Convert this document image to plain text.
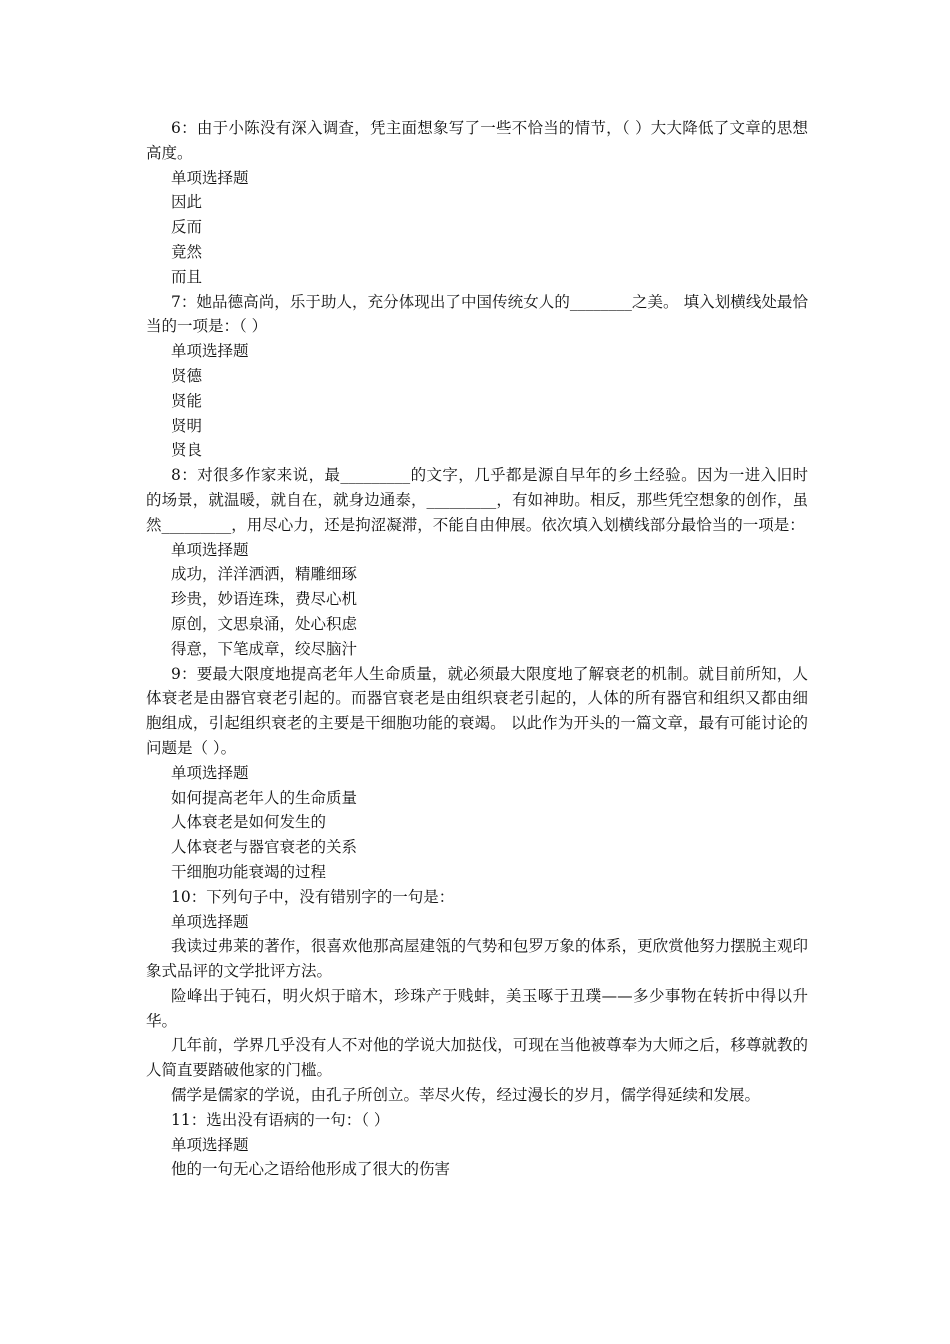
6：由于小陈没有深入调查，凭主面想象写了一些不恰当的情节，（ ）大大降低了文章的思想高度。
单项选择题
因此
反而
竟然
而且
7：她品德高尚，乐于助人，充分体现出了中国传统女人的________之美。 填入划横线处最恰当的一项是：（ ）
单项选择题
贤德
贤能
贤明
贤良
8：对很多作家来说，最_________的文字，几乎都是源自早年的乡土经验。因为一进入旧时的场景，就温暖，就自在，就身边通泰，_________，有如神助。相反，那些凭空想象的创作，虽然_________，用尽心力，还是拘涩凝滞，不能自由伸展。依次填入划横线部分最恰当的一项是：
单项选择题
成功，洋洋洒洒，精雕细琢
珍贵，妙语连珠，费尽心机
原创，文思泉涌，处心积虑
得意，下笔成章，绞尽脑汁
9：要最大限度地提高老年人生命质量，就必须最大限度地了解衰老的机制。就目前所知，人体衰老是由器官衰老引起的。而器官衰老是由组织衰老引起的，人体的所有器官和组织又都由细胞组成，引起组织衰老的主要是干细胞功能的衰竭。 以此作为开头的一篇文章，最有可能讨论的问题是（ ）。
单项选择题
如何提高老年人的生命质量
人体衰老是如何发生的
人体衰老与器官衰老的关系
干细胞功能衰竭的过程
10：下列句子中，没有错别字的一句是：
单项选择题
我读过弗莱的著作，很喜欢他那高屋建瓴的气势和包罗万象的体系，更欣赏他努力摆脱主观印象式品评的文学批评方法。
险峰出于钝石，明火炽于暗木，珍珠产于贱蚌，美玉啄于丑璞——多少事物在转折中得以升华。
几年前，学界几乎没有人不对他的学说大加挞伐，可现在当他被尊奉为大师之后，移尊就教的人简直要踏破他家的门槛。
儒学是儒家的学说，由孔子所创立。莘尽火传，经过漫长的岁月，儒学得延续和发展。
11：选出没有语病的一句：（ ）
单项选择题
他的一句无心之语给他形成了很大的伤害
